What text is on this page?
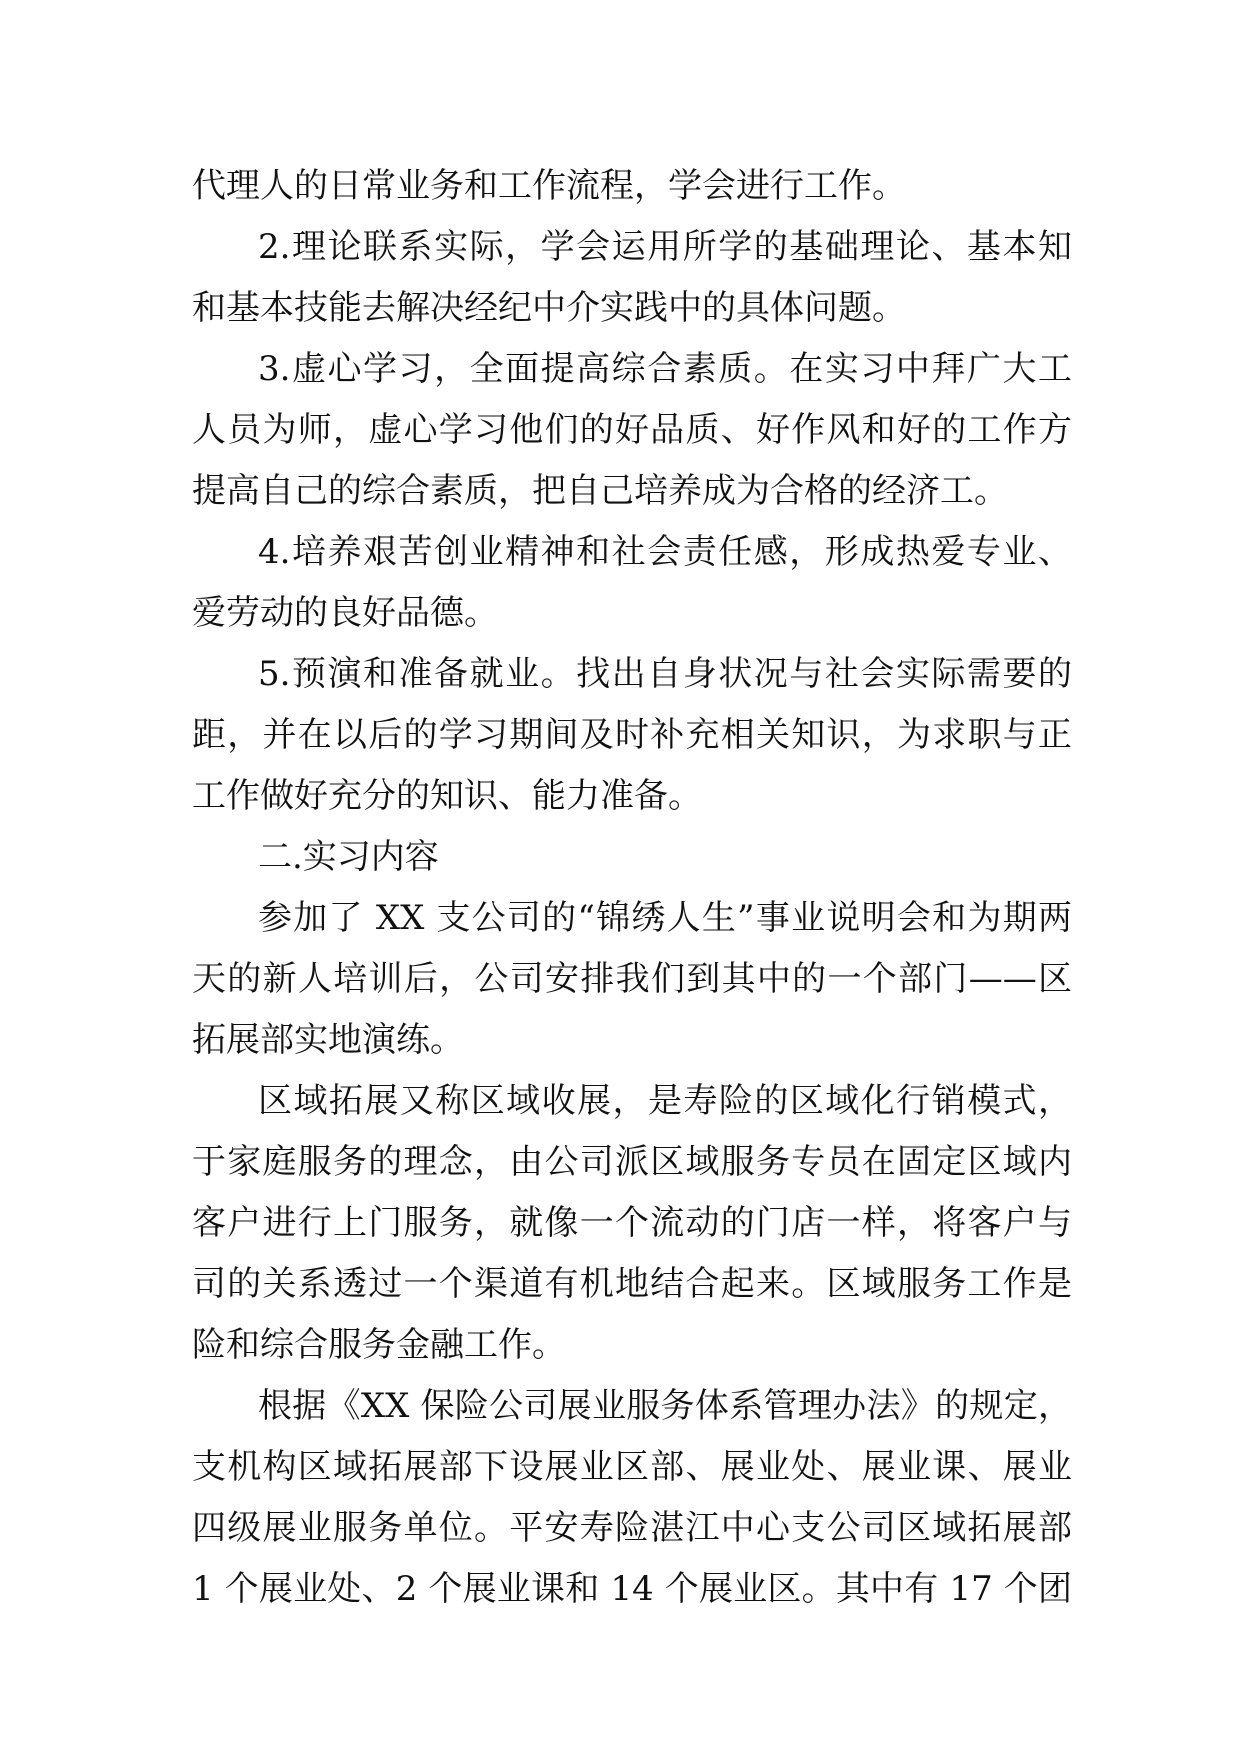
代理人的日常业务和工作流程，学会进行工作。
2.理论联系实际，学会运用所学的基础理论、基本知
和基本技能去解决经纪中介实践中的具体问题。
3.虚心学习，全面提高综合素质。在实习中拜广大工
人员为师，虚心学习他们的好品质、好作风和好的工作方
提高自己的综合素质，把自己培养成为合格的经济工。
4.培养艰苦创业精神和社会责任感，形成热爱专业、
爱劳动的良好品德。
5.预演和准备就业。找出自身状况与社会实际需要的
距，并在以后的学习期间及时补充相关知识，为求职与正
工作做好充分的知识、能力准备。
二.实习内容
参加了 XX 支公司的“锦绣人生”事业说明会和为期两
天的新人培训后，公司安排我们到其中的一个部门——区
拓展部实地演练。
区域拓展又称区域收展，是寿险的区域化行销模式，
于家庭服务的理念，由公司派区域服务专员在固定区域内
客户进行上门服务，就像一个流动的门店一样，将客户与
司的关系透过一个渠道有机地结合起来。区域服务工作是
险和综合服务金融工作。
根据《XX 保险公司展业服务体系管理办法》的规定，
支机构区域拓展部下设展业区部、展业处、展业课、展业
四级展业服务单位。平安寿险湛江中心支公司区域拓展部
1 个展业处、2 个展业课和 14 个展业区。其中有 17 个团
